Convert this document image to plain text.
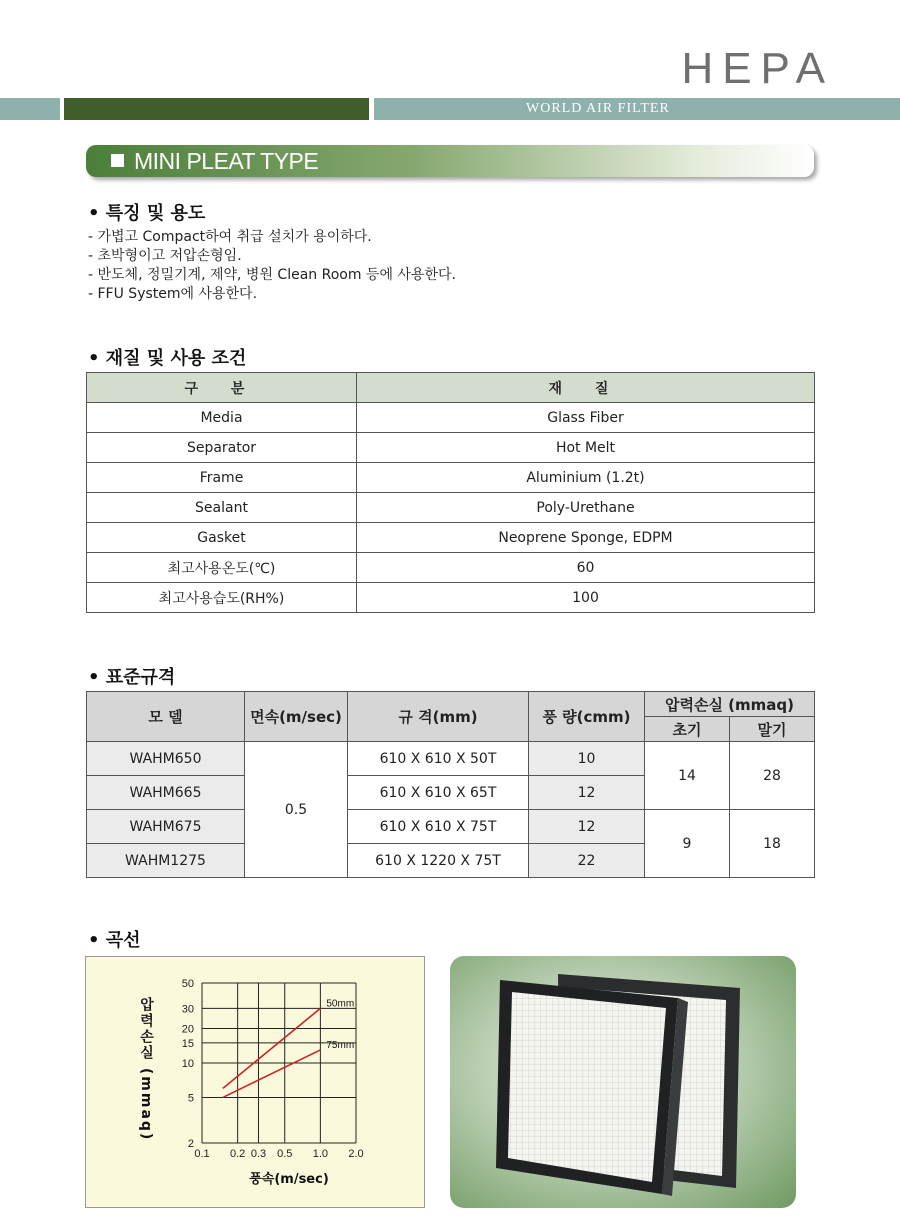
HEPA
WORLD AIR FILTER
MINI PLEAT TYPE
• 특징 및 용도
- 가볍고 Compact하여 취급 설치가 용이하다.
- 초박형이고 저압손형임.
- 반도체, 정밀기계, 제약, 병원 Clean Room 등에 사용한다.
- FFU System에 사용한다.
• 재질 및 사용 조건
구 분	재 질
Media	Glass Fiber
Separator	Hot Melt
Frame	Aluminium (1.2t)
Sealant	Poly-Urethane
Gasket	Neoprene Sponge, EDPM
최고사용온도(℃)	60
최고사용습도(RH%)	100
• 표준규격
모 델	면속(m/sec)	규 격(mm)	풍 량(cmm)	압력손실 (mmaq)	
				초기	말기
WAHM650	0.5	610 X 610 X 50T	10	14	28
WAHM665		610 X 610 X 65T	12		
WAHM675		610 X 610 X 75T	12	9	18
WAHM1275		610 X 1220 X 75T	22		
• 곡선
0.1 0.2 0.3 0.5 1.0 2.0
2
5
10
15
20
30
50
50mm
75mm
풍속(m/sec)
압력손실 (mmaq)
